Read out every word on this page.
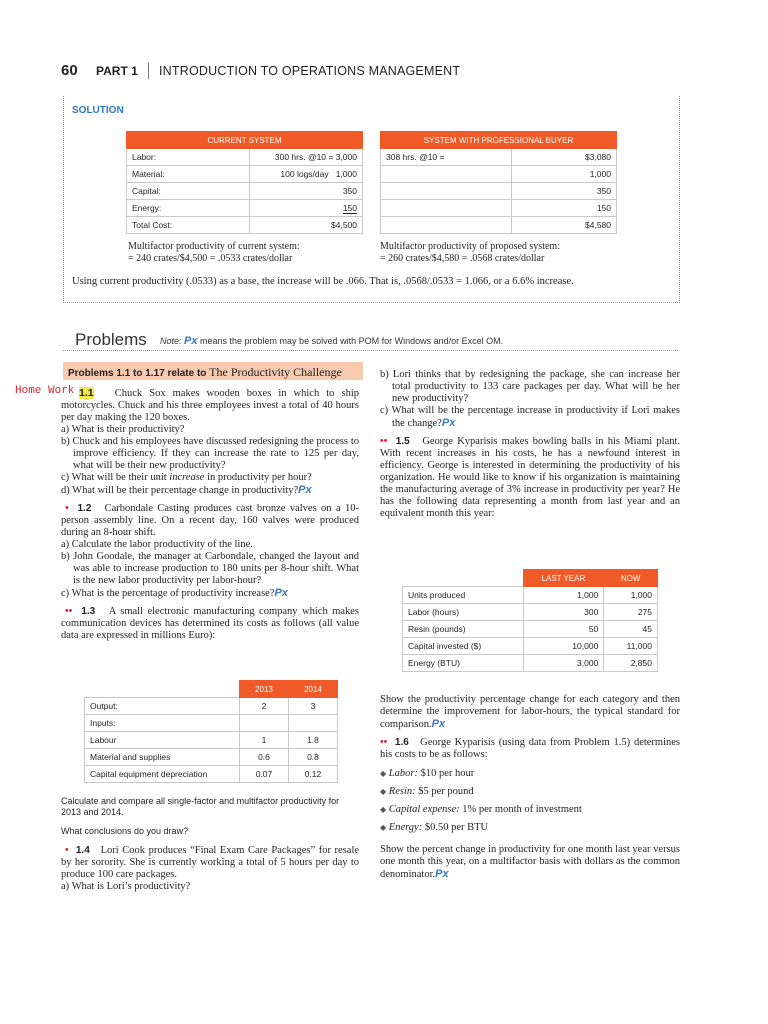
60 PART 1 INTRODUCTION TO OPERATIONS MANAGEMENT
SOLUTION
CURRENT SYSTEM	
Labor:	300 hrs. @10 = 3,000
Material:	100 logs/day 1,000
Capital:	350
Energy:	150
Total Cost:	$4,500
SYSTEM WITH PROFESSIONAL BUYER	
308 hrs. @10 =	$3,080
	1,000
	350
	150
	$4,580
Multifactor productivity of current system:
= 240 crates/$4,500 = .0533 crates/dollar
Multifactor productivity of proposed system:
= 260 crates/$4,580 = .0568 crates/dollar
Using current productivity (.0533) as a base, the increase will be .066. That is, .0568/.0533 = 1.066, or a 6.6% increase.
Problems Note: Px means the problem may be solved with POM for Windows and/or Excel OM.
Problems 1.1 to 1.17 relate to The Productivity Challenge
Home Work 1.1 Chuck Sox makes wooden boxes in which to ship motorcycles. Chuck and his three employees invest a total of 40 hours per day making the 120 boxes.
a) What is their productivity?
b) Chuck and his employees have discussed redesigning the process to improve efficiency. If they can increase the rate to 125 per day, what will be their new productivity?
c) What will be their unit increase in productivity per hour?
d) What will be their percentage change in productivity?Px
• 1.2 Carbondale Casting produces cast bronze valves on a 10-person assembly line. On a recent day, 160 valves were produced during an 8-hour shift.
a) Calculate the labor productivity of the line.
b) John Goodale, the manager at Carbondale, changed the layout and was able to increase production to 180 units per 8-hour shift. What is the new labor productivity per labor-hour?
c) What is the percentage of productivity increase?Px
•• 1.3 A small electronic manufacturing company which makes communication devices has determined its costs as follows (all value data are expressed in millions Euro):
	2013	2014
Output:	2	3
Inputs:		
Labour	1	1.8
Material and supplies	0.6	0.8
Capital equipment depreciation	0.07	0.12
Calculate and compare all single-factor and multifactor productivity for 2013 and 2014.
What conclusions do you draw?
• 1.4 Lori Cook produces “Final Exam Care Packages” for resale by her sorority. She is currently working a total of 5 hours per day to produce 100 care packages.
a) What is Lori’s productivity?
b) Lori thinks that by redesigning the package, she can increase her total productivity to 133 care packages per day. What will be her new productivity?
c) What will be the percentage increase in productivity if Lori makes the change?Px
•• 1.5 George Kyparisis makes bowling balls in his Miami plant. With recent increases in his costs, he has a newfound interest in efficiency. George is interested in determining the productivity of his organization. He would like to know if his organization is maintaining the manufacturing average of 3% increase in productivity per year? He has the following data representing a month from last year and an equivalent month this year:
	LAST YEAR	NOW
Units produced	1,000	1,000
Labor (hours)	300	275
Resin (pounds)	50	45
Capital invested ($)	10,000	11,000
Energy (BTU)	3,000	2,850
Show the productivity percentage change for each category and then determine the improvement for labor-hours, the typical standard for comparison.Px
•• 1.6 George Kyparisis (using data from Problem 1.5) determines his costs to be as follows:
◆ Labor: $10 per hour
◆ Resin: $5 per pound
◆ Capital expense: 1% per month of investment
◆ Energy: $0.50 per BTU
Show the percent change in productivity for one month last year versus one month this year, on a multifactor basis with dollars as the common denominator.Px
